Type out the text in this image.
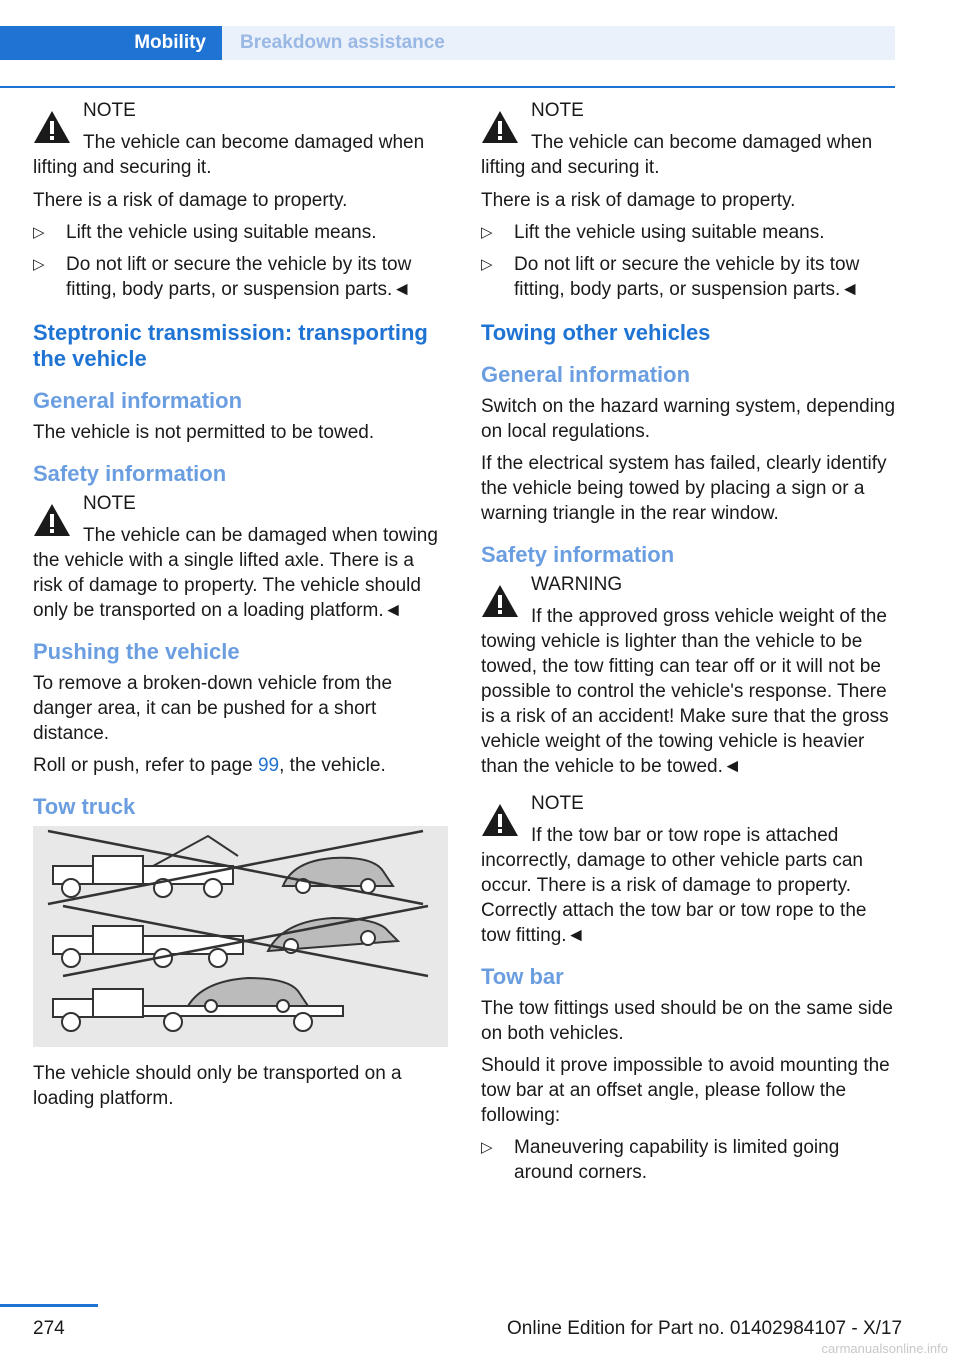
Mobility	Breakdown assistance
NOTE
The vehicle can become damaged when lifting and securing it.

There is a risk of damage to property.

▷ Lift the vehicle using suitable means.
▷ Do not lift or secure the vehicle by its tow fitting, body parts, or suspension parts.◄
Steptronic transmission: transporting the vehicle
General information

The vehicle is not permitted to be towed.

Safety information
NOTE
The vehicle can be damaged when towing the vehicle with a single lifted axle. There is a risk of damage to property. The vehicle should only be transported on a loading platform.◄
Pushing the vehicle

To remove a broken-down vehicle from the danger area, it can be pushed for a short distance.

Roll or push, refer to page 99, the vehicle.

Tow truck

The vehicle should only be transported on a loading platform.

NOTE
The vehicle can become damaged when lifting and securing it.

There is a risk of damage to property.

▷ Lift the vehicle using suitable means.
▷ Do not lift or secure the vehicle by its tow fitting, body parts, or suspension parts.◄
Towing other vehicles
General information

Switch on the hazard warning system, depending on local regulations.

If the electrical system has failed, clearly identify the vehicle being towed by placing a sign or a warning triangle in the rear window.

Safety information
WARNING
If the approved gross vehicle weight of the towing vehicle is lighter than the vehicle to be towed, the tow fitting can tear off or it will not be possible to control the vehicle's response. There is a risk of an accident! Make sure that the gross vehicle weight of the towing vehicle is heavier than the vehicle to be towed.◄
NOTE
If the tow bar or tow rope is attached incorrectly, damage to other vehicle parts can occur. There is a risk of damage to property. Correctly attach the tow bar or tow rope to the tow fitting.◄
Tow bar

The tow fittings used should be on the same side on both vehicles.

Should it prove impossible to avoid mounting the tow bar at an offset angle, please follow the following:

▷ Maneuvering capability is limited going around corners.
274	Online Edition for Part no. 01402984107 - X/17
carmanualsonline.info
